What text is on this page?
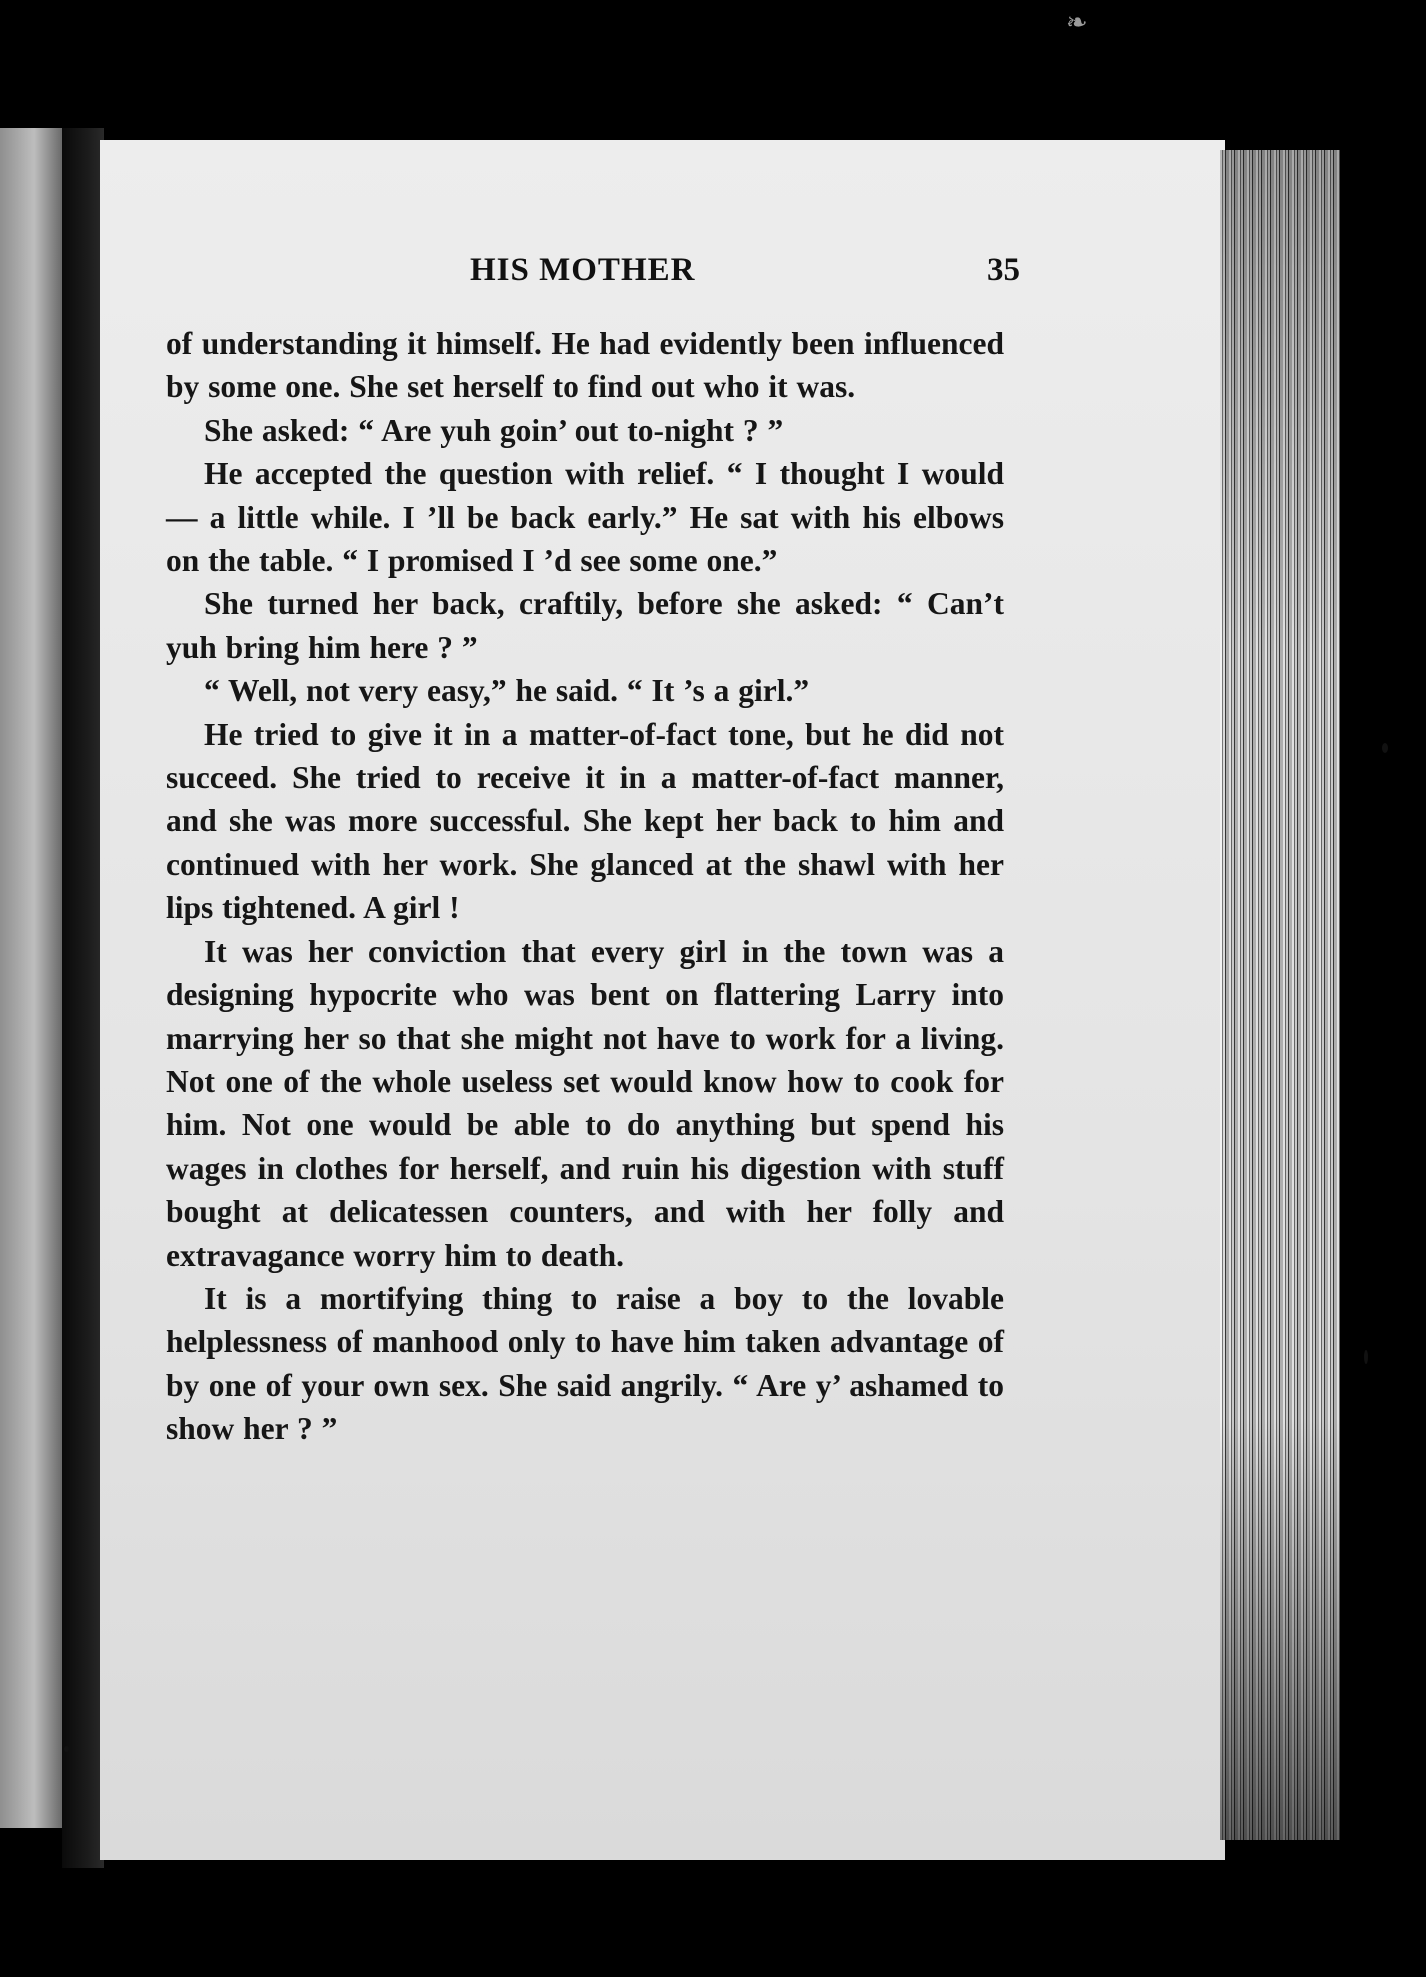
❧
HIS MOTHER	35

of understanding it himself. He had evidently been influenced by some one. She set herself to find out who it was.

She asked: “ Are yuh goin’ out to-night ? ”

He accepted the question with relief. “ I thought I would — a little while. I ’ll be back early.” He sat with his elbows on the table. “ I promised I ’d see some one.”

She turned her back, craftily, before she asked: “ Can’t yuh bring him here ? ”

“ Well, not very easy,” he said. “ It ’s a girl.”

He tried to give it in a matter-of-fact tone, but he did not succeed. She tried to receive it in a matter-of-fact manner, and she was more successful. She kept her back to him and continued with her work. She glanced at the shawl with her lips tightened. A girl !

It was her conviction that every girl in the town was a designing hypocrite who was bent on flattering Larry into marrying her so that she might not have to work for a living. Not one of the whole useless set would know how to cook for him. Not one would be able to do anything but spend his wages in clothes for herself, and ruin his digestion with stuff bought at delicatessen counters, and with her folly and extravagance worry him to death.

It is a mortifying thing to raise a boy to the lovable helplessness of manhood only to have him taken advantage of by one of your own sex. She said angrily. “ Are y’ ashamed to show her ? ”
